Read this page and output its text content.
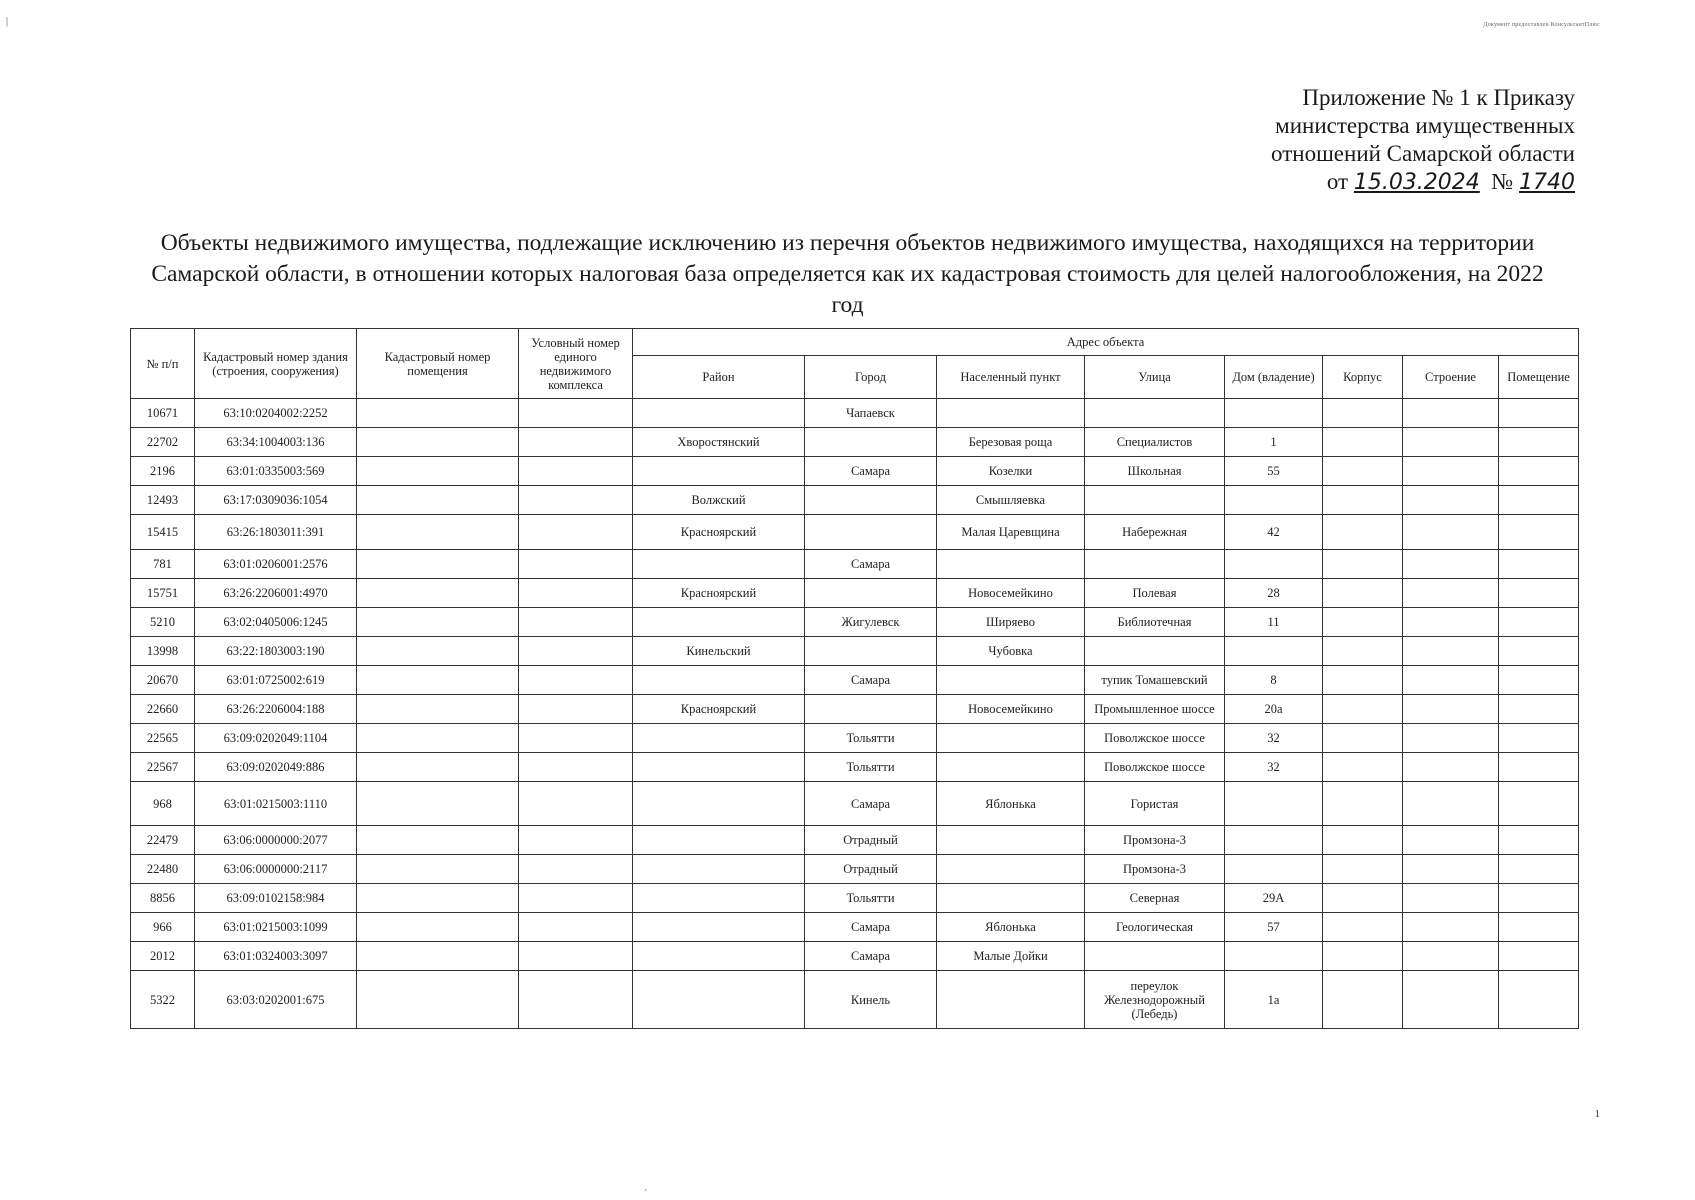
|	Документ предоставлен КонсультантПлюс
Приложение № 1 к Приказу
министерства имущественных
отношений Самарской области
от 15.03.2024 № 1740
Объекты недвижимого имущества, подлежащие исключению из перечня объектов недвижимого имущества, находящихся на территории Самарской области, в отношении которых налоговая база определяется как их кадастровая стоимость для целей налогообложения, на 2022 год
№ п/п	Кадастровый номер здания (строения, сооружения)	Кадастровый номер помещения	Условный номер единого недвижимого комплекса	Адрес объекта							
				Район	Город	Населенный пункт	Улица	Дом (владение)	Корпус	Строение	Помещение
10671	63:10:0204002:2252				Чапаевск						
22702	63:34:1004003:136			Хворостянский		Березовая роща	Специалистов	1			
2196	63:01:0335003:569				Самара	Козелки	Школьная	55			
12493	63:17:0309036:1054			Волжский		Смышляевка					
15415	63:26:1803011:391			Красноярский		Малая Царевщина	Набережная	42			
781	63:01:0206001:2576				Самара						
15751	63:26:2206001:4970			Красноярский		Новосемейкино	Полевая	28			
5210	63:02:0405006:1245				Жигулевск	Ширяево	Библиотечная	11			
13998	63:22:1803003:190			Кинельский		Чубовка					
20670	63:01:0725002:619				Самара		тупик Томашевский	8			
22660	63:26:2206004:188			Красноярский		Новосемейкино	Промышленное шоссе	20а			
22565	63:09:0202049:1104				Тольятти		Поволжское шоссе	32			
22567	63:09:0202049:886				Тольятти		Поволжское шоссе	32			
968	63:01:0215003:1110				Самара	Яблонька	Гористая				
22479	63:06:0000000:2077				Отрадный		Промзона-3				
22480	63:06:0000000:2117				Отрадный		Промзона-3				
8856	63:09:0102158:984				Тольятти		Северная	29А			
966	63:01:0215003:1099				Самара	Яблонька	Геологическая	57			
2012	63:01:0324003:3097				Самара	Малые Дойки					
5322	63:03:0202001:675				Кинель		переулок Железнодорожный (Лебедь)	1а			
1
'
